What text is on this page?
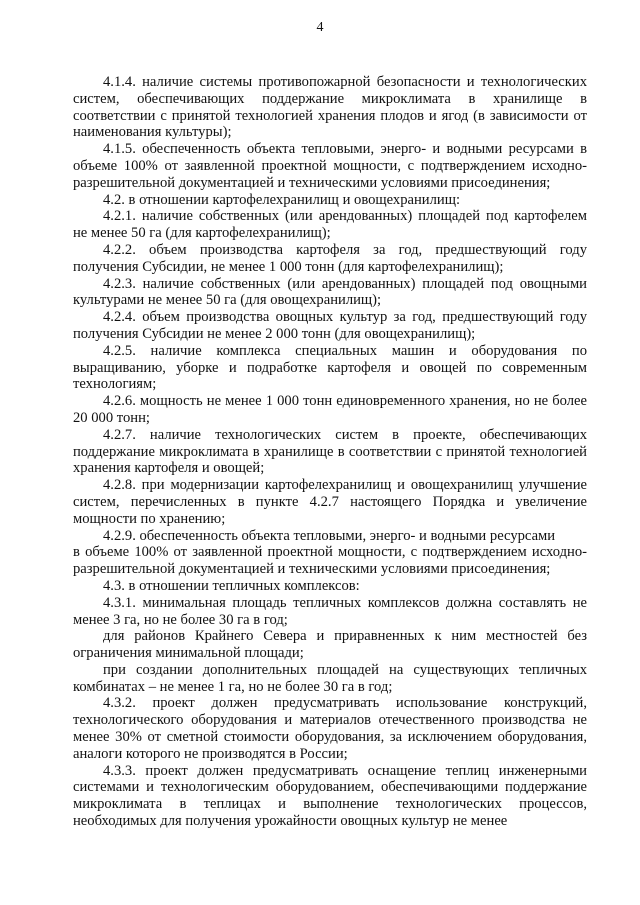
4

4.1.4. наличие системы противопожарной безопасности и технологических систем, обеспечивающих поддержание микроклимата в хранилище в соответствии с принятой технологией хранения плодов и ягод (в зависимости от наименования культуры);

4.1.5. обеспеченность объекта тепловыми, энерго- и водными ресурсами в объеме 100% от заявленной проектной мощности, с подтверждением исходно-разрешительной документацией и техническими условиями присоединения;

4.2. в отношении картофелехранилищ и овощехранилищ:

4.2.1. наличие собственных (или арендованных) площадей под картофелем не менее 50 га (для картофелехранилищ);

4.2.2. объем производства картофеля за год, предшествующий году получения Субсидии, не менее 1 000 тонн (для картофелехранилищ);

4.2.3. наличие собственных (или арендованных) площадей под овощными культурами не менее 50 га (для овощехранилищ);

4.2.4. объем производства овощных культур за год, предшествующий году получения Субсидии не менее 2 000 тонн (для овощехранилищ);

4.2.5. наличие комплекса специальных машин и оборудования по выращиванию, уборке и подработке картофеля и овощей по современным технологиям;

4.2.6. мощность не менее 1 000 тонн единовременного хранения, но не более 20 000 тонн;

4.2.7. наличие технологических систем в проекте, обеспечивающих поддержание микроклимата в хранилище в соответствии с принятой технологией хранения картофеля и овощей;

4.2.8. при модернизации картофелехранилищ и овощехранилищ улучшение систем, перечисленных в пункте 4.2.7 настоящего Порядка и увеличение мощности по хранению;

4.2.9. обеспеченность объекта тепловыми, энерго- и водными ресурсами

в объеме 100% от заявленной проектной мощности, с подтверждением исходно-разрешительной документацией и техническими условиями присоединения;

4.3. в отношении тепличных комплексов:

4.3.1. минимальная площадь тепличных комплексов должна составлять не менее 3 га, но не более 30 га в год;

для районов Крайнего Севера и приравненных к ним местностей без ограничения минимальной площади;

при создании дополнительных площадей на существующих тепличных комбинатах – не менее 1 га, но не более 30 га в год;

4.3.2. проект должен предусматривать использование конструкций, технологического оборудования и материалов отечественного производства не менее 30% от сметной стоимости оборудования, за исключением оборудования, аналоги которого не производятся в России;

4.3.3. проект должен предусматривать оснащение теплиц инженерными системами и технологическим оборудованием, обеспечивающими поддержание микроклимата в теплицах и выполнение технологических процессов, необходимых для получения урожайности овощных культур не менее
